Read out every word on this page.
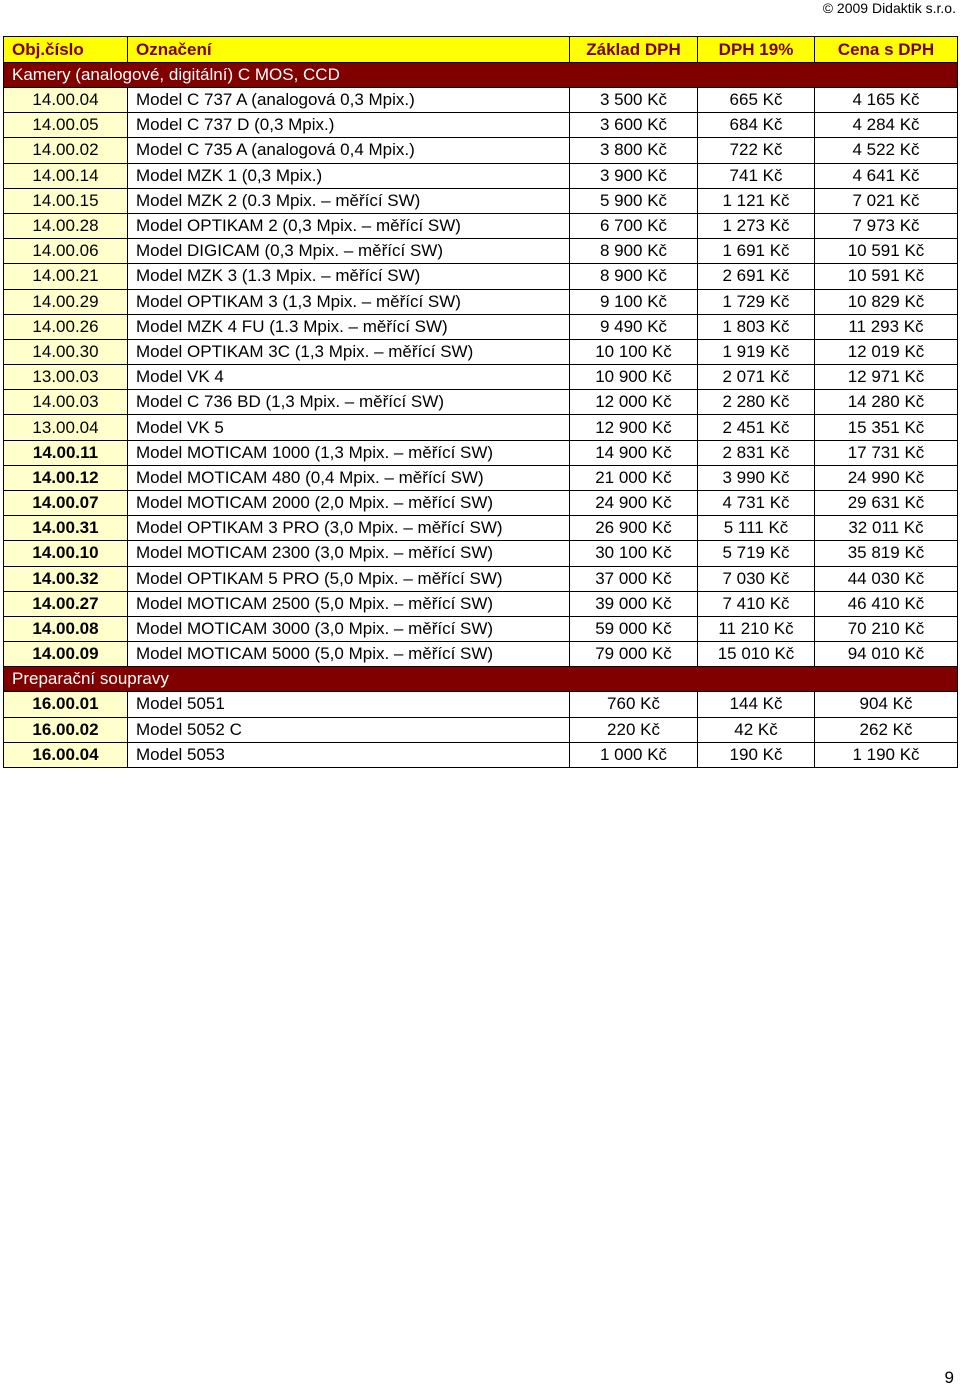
© 2009 Didaktik s.r.o.
Obj.číslo	Označení	Základ DPH	DPH 19%	Cena s DPH
Kamery (analogové, digitální) C MOS, CCD				
14.00.04	Model C 737 A (analogová 0,3 Mpix.)	3 500 Kč	665 Kč	4 165 Kč
14.00.05	Model C 737 D (0,3 Mpix.)	3 600 Kč	684 Kč	4 284 Kč
14.00.02	Model C 735 A (analogová 0,4 Mpix.)	3 800 Kč	722 Kč	4 522 Kč
14.00.14	Model MZK 1 (0,3 Mpix.)	3 900 Kč	741 Kč	4 641 Kč
14.00.15	Model MZK 2 (0.3 Mpix. – měřící SW)	5 900 Kč	1 121 Kč	7 021 Kč
14.00.28	Model OPTIKAM 2 (0,3 Mpix. – měřící SW)	6 700 Kč	1 273 Kč	7 973 Kč
14.00.06	Model DIGICAM (0,3 Mpix. – měřící SW)	8 900 Kč	1 691 Kč	10 591 Kč
14.00.21	Model MZK 3 (1.3 Mpix. – měřící SW)	8 900 Kč	2 691 Kč	10 591 Kč
14.00.29	Model OPTIKAM 3 (1,3 Mpix. – měřící SW)	9 100 Kč	1 729 Kč	10 829 Kč
14.00.26	Model MZK 4 FU (1.3 Mpix. – měřící SW)	9 490 Kč	1 803 Kč	11 293 Kč
14.00.30	Model OPTIKAM 3C (1,3 Mpix. – měřící SW)	10 100 Kč	1 919 Kč	12 019 Kč
13.00.03	Model VK 4	10 900 Kč	2 071 Kč	12 971 Kč
14.00.03	Model C 736 BD (1,3 Mpix. – měřící SW)	12 000 Kč	2 280 Kč	14 280 Kč
13.00.04	Model VK 5	12 900 Kč	2 451 Kč	15 351 Kč
14.00.11	Model MOTICAM 1000 (1,3 Mpix. – měřící SW)	14 900 Kč	2 831 Kč	17 731 Kč
14.00.12	Model MOTICAM 480 (0,4 Mpix. – měřící SW)	21 000 Kč	3 990 Kč	24 990 Kč
14.00.07	Model MOTICAM 2000 (2,0 Mpix. – měřící SW)	24 900 Kč	4 731 Kč	29 631 Kč
14.00.31	Model OPTIKAM 3 PRO (3,0 Mpix. – měřící SW)	26 900 Kč	5 111 Kč	32 011 Kč
14.00.10	Model MOTICAM 2300 (3,0 Mpix. – měřící SW)	30 100 Kč	5 719 Kč	35 819 Kč
14.00.32	Model OPTIKAM 5 PRO (5,0 Mpix. – měřící SW)	37 000 Kč	7 030 Kč	44 030 Kč
14.00.27	Model MOTICAM 2500 (5,0 Mpix. – měřící SW)	39 000 Kč	7 410 Kč	46 410 Kč
14.00.08	Model MOTICAM 3000 (3,0 Mpix. – měřící SW)	59 000 Kč	11 210 Kč	70 210 Kč
14.00.09	Model MOTICAM 5000 (5,0 Mpix. – měřící SW)	79 000 Kč	15 010 Kč	94 010 Kč
Preparační soupravy				
16.00.01	Model 5051	760 Kč	144 Kč	904 Kč
16.00.02	Model 5052 C	220 Kč	42 Kč	262 Kč
16.00.04	Model 5053	1 000 Kč	190 Kč	1 190 Kč
9
